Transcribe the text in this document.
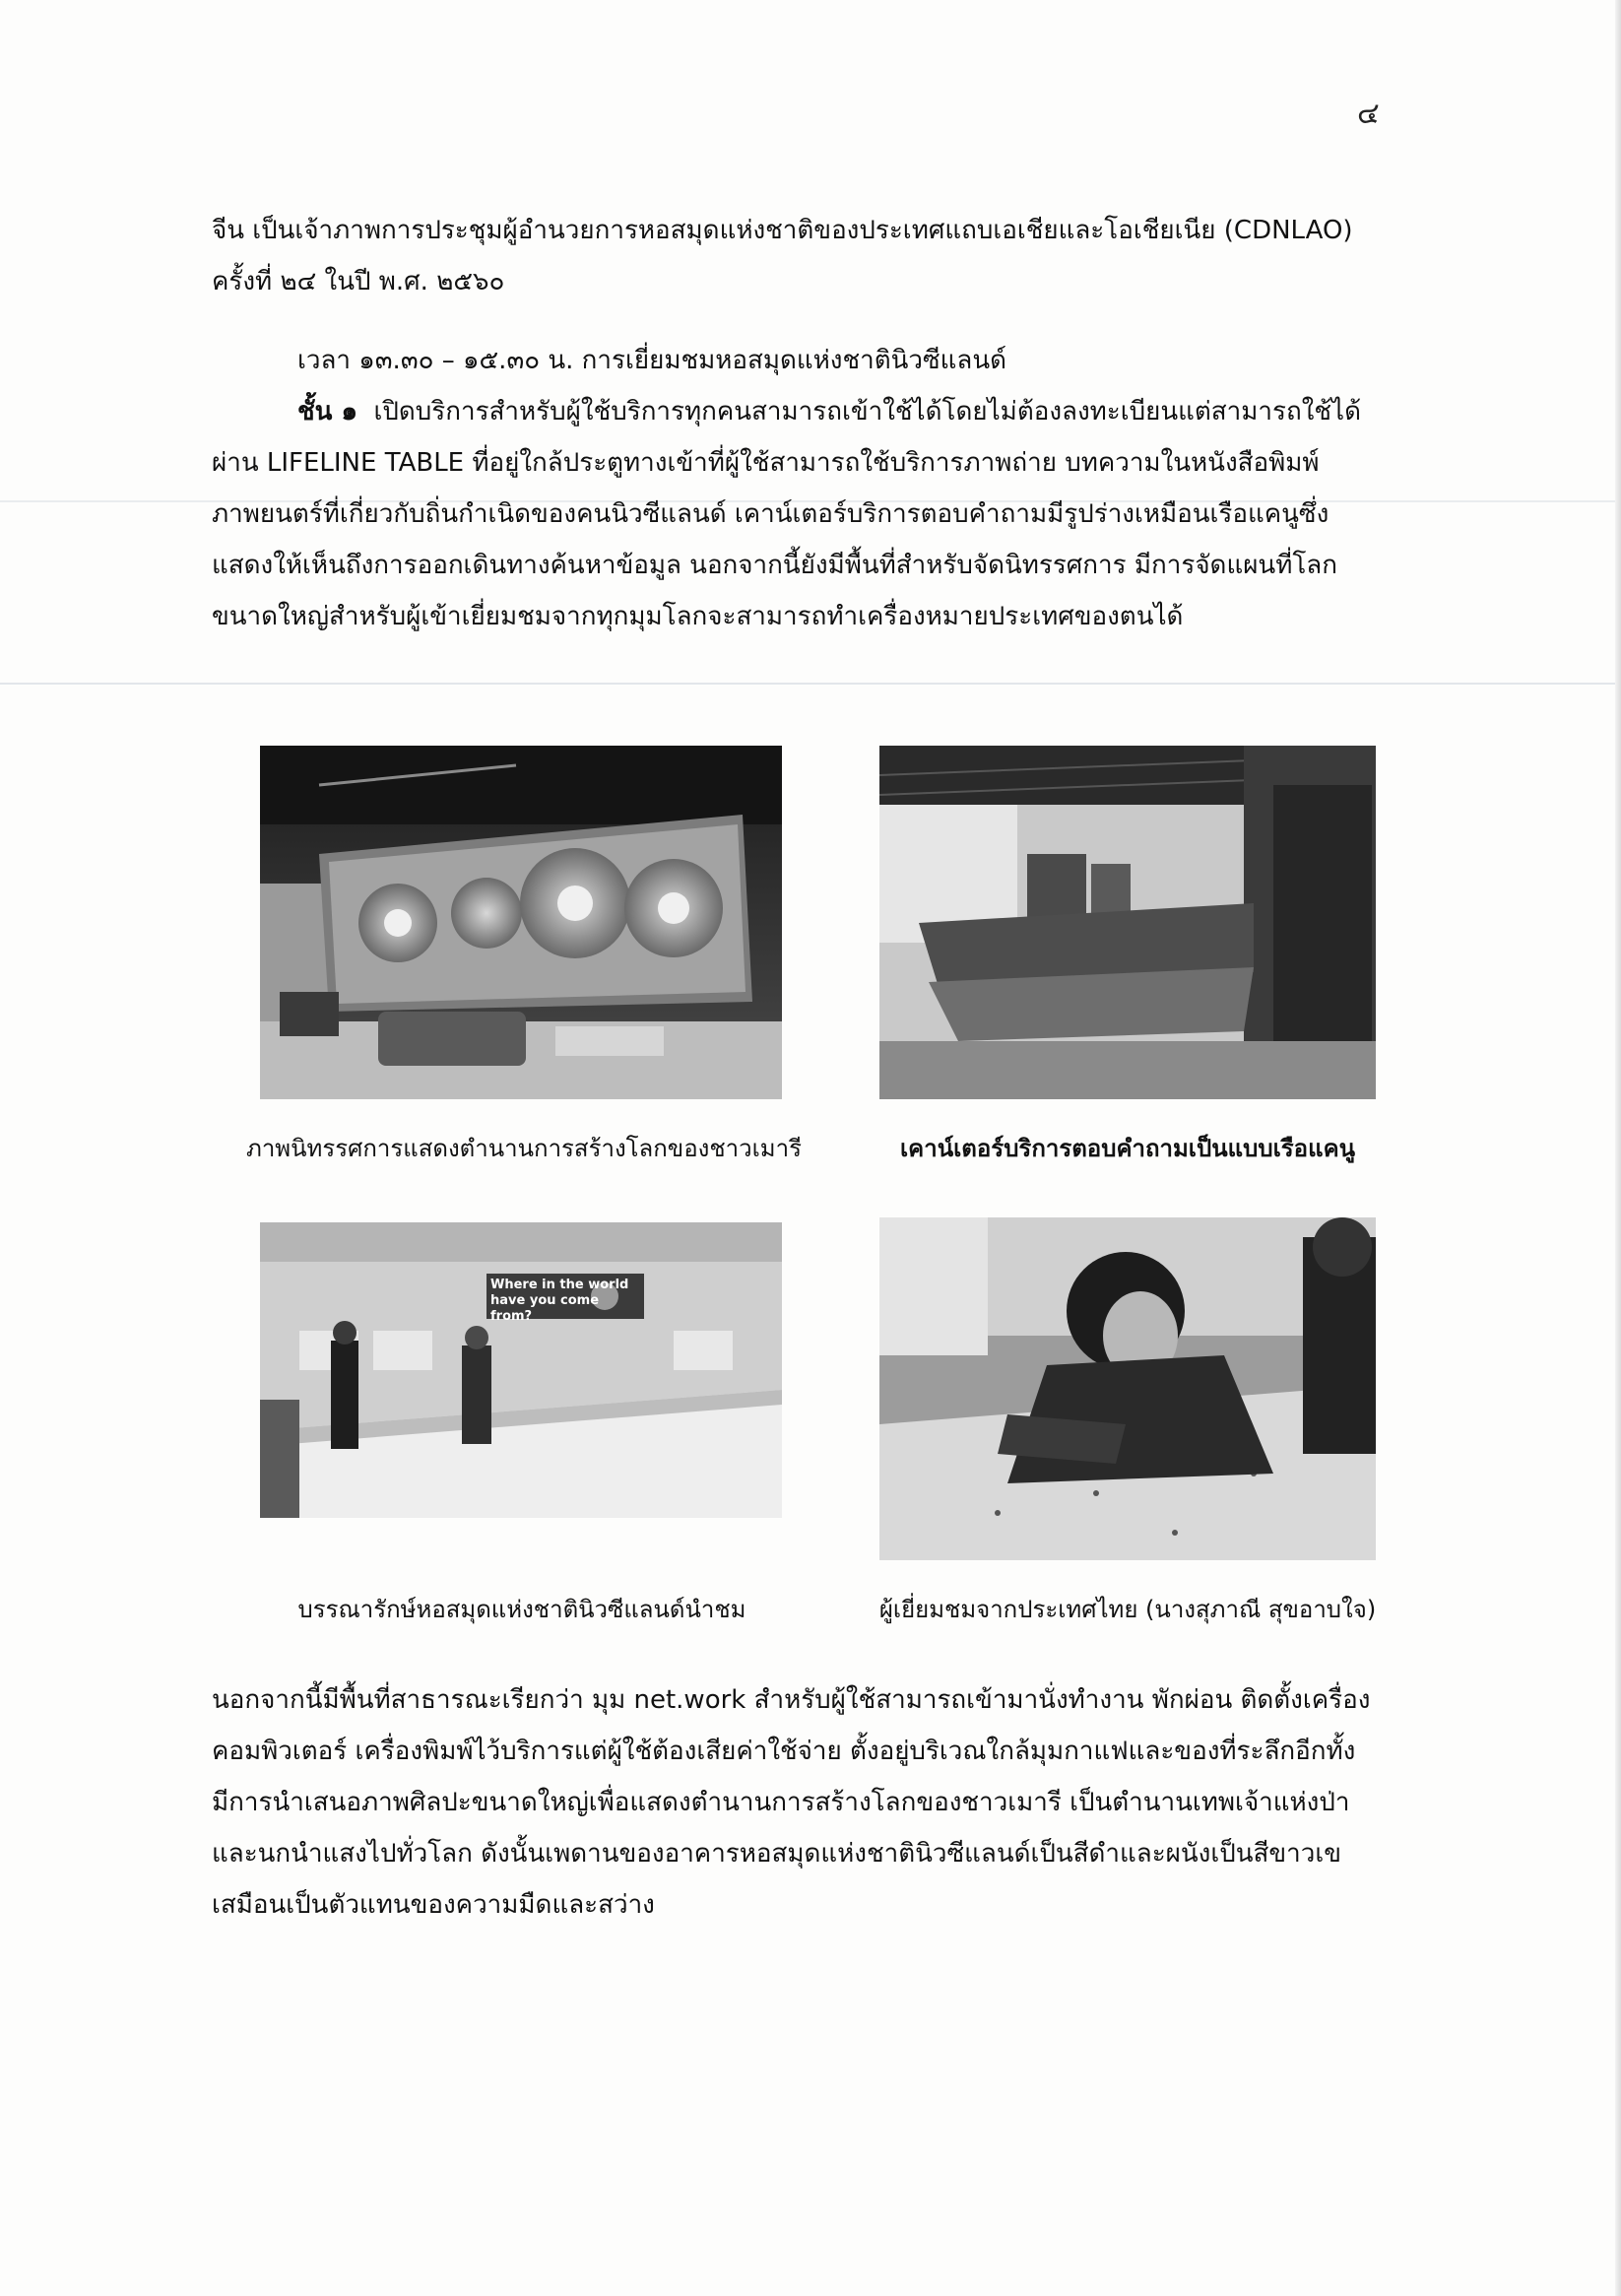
๔
จีน เป็นเจ้าภาพการประชุมผู้อำนวยการหอสมุดแห่งชาติของประเทศแถบเอเชียและโอเชียเนีย (CDNLAO)
ครั้งที่ ๒๔ ในปี พ.ศ. ๒๕๖๐
เวลา ๑๓.๓๐ – ๑๕.๓๐ น. การเยี่ยมชมหอสมุดแห่งชาตินิวซีแลนด์
ชั้น ๑ เปิดบริการสำหรับผู้ใช้บริการทุกคนสามารถเข้าใช้ได้โดยไม่ต้องลงทะเบียนแต่สามารถใช้ได้
ผ่าน LIFELINE TABLE ที่อยู่ใกล้ประตูทางเข้าที่ผู้ใช้สามารถใช้บริการภาพถ่าย บทความในหนังสือพิมพ์
ภาพยนตร์ที่เกี่ยวกับถิ่นกำเนิดของคนนิวซีแลนด์ เคาน์เตอร์บริการตอบคำถามมีรูปร่างเหมือนเรือแคนูซึ่ง
แสดงให้เห็นถึงการออกเดินทางค้นหาข้อมูล นอกจากนี้ยังมีพื้นที่สำหรับจัดนิทรรศการ มีการจัดแผนที่โลก
ขนาดใหญ่สำหรับผู้เข้าเยี่ยมชมจากทุกมุมโลกจะสามารถทำเครื่องหมายประเทศของตนได้
ภาพนิทรรศการแสดงตำนานการสร้างโลกของชาวเมารี	เคาน์เตอร์บริการตอบคำถามเป็นแบบเรือแคนู
Where in the world have you come from?
บรรณารักษ์หอสมุดแห่งชาตินิวซีแลนด์นำชม	ผู้เยี่ยมชมจากประเทศไทย (นางสุภาณี สุขอาบใจ)
นอกจากนี้มีพื้นที่สาธารณะเรียกว่า มุม net.work สำหรับผู้ใช้สามารถเข้ามานั่งทำงาน พักผ่อน ติดตั้งเครื่อง
คอมพิวเตอร์ เครื่องพิมพ์ไว้บริการแต่ผู้ใช้ต้องเสียค่าใช้จ่าย ตั้งอยู่บริเวณใกล้มุมกาแฟและของที่ระลึกอีกทั้ง
มีการนำเสนอภาพศิลปะขนาดใหญ่เพื่อแสดงตำนานการสร้างโลกของชาวเมารี เป็นตำนานเทพเจ้าแห่งป่า
และนกนำแสงไปทั่วโลก ดังนั้นเพดานของอาคารหอสมุดแห่งชาตินิวซีแลนด์เป็นสีดำและผนังเป็นสีขาวเข
เสมือนเป็นตัวแทนของความมืดและสว่าง
